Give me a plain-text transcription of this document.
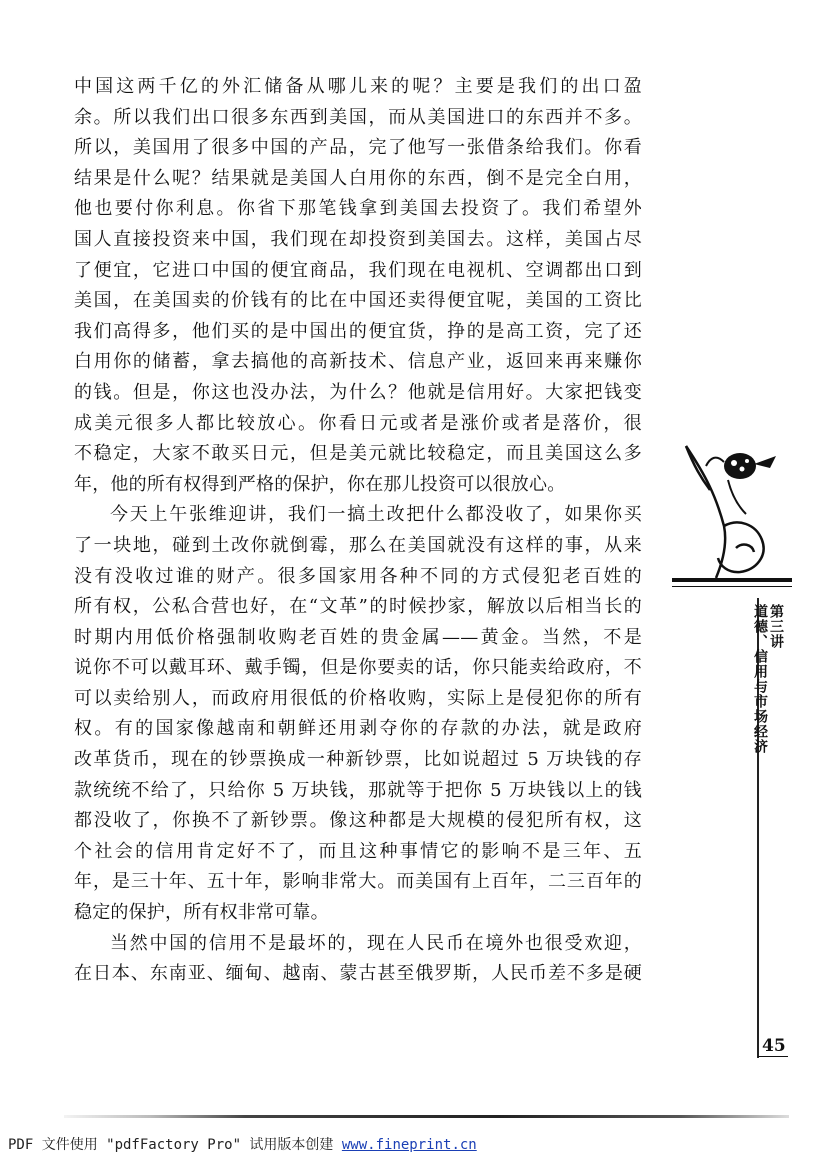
中国这两千亿的外汇储备从哪儿来的呢？主要是我们的出口盈
余。所以我们出口很多东西到美国，而从美国进口的东西并不多。
所以，美国用了很多中国的产品，完了他写一张借条给我们。你看
结果是什么呢？结果就是美国人白用你的东西，倒不是完全白用，
他也要付你利息。你省下那笔钱拿到美国去投资了。我们希望外
国人直接投资来中国，我们现在却投资到美国去。这样，美国占尽
了便宜，它进口中国的便宜商品，我们现在电视机、空调都出口到
美国，在美国卖的价钱有的比在中国还卖得便宜呢，美国的工资比
我们高得多，他们买的是中国出的便宜货，挣的是高工资，完了还
白用你的储蓄，拿去搞他的高新技术、信息产业，返回来再来赚你
的钱。但是，你这也没办法，为什么？他就是信用好。大家把钱变
成美元很多人都比较放心。你看日元或者是涨价或者是落价，很
不稳定，大家不敢买日元，但是美元就比较稳定，而且美国这么多
年，他的所有权得到严格的保护，你在那儿投资可以很放心。
今天上午张维迎讲，我们一搞土改把什么都没收了，如果你买
了一块地，碰到土改你就倒霉，那么在美国就没有这样的事，从来
没有没收过谁的财产。很多国家用各种不同的方式侵犯老百姓的
所有权，公私合营也好，在“文革”的时候抄家，解放以后相当长的
时期内用低价格强制收购老百姓的贵金属——黄金。当然，不是
说你不可以戴耳环、戴手镯，但是你要卖的话，你只能卖给政府，不
可以卖给别人，而政府用很低的价格收购，实际上是侵犯你的所有
权。有的国家像越南和朝鲜还用剥夺你的存款的办法，就是政府
改革货币，现在的钞票换成一种新钞票，比如说超过 5 万块钱的存
款统统不给了，只给你 5 万块钱，那就等于把你 5 万块钱以上的钱
都没收了，你换不了新钞票。像这种都是大规模的侵犯所有权，这
个社会的信用肯定好不了，而且这种事情它的影响不是三年、五
年，是三十年、五十年，影响非常大。而美国有上百年，二三百年的
稳定的保护，所有权非常可靠。
当然中国的信用不是最坏的，现在人民币在境外也很受欢迎，
在日本、东南亚、缅甸、越南、蒙古甚至俄罗斯，人民币差不多是硬
第三讲
道德、信用与市场经济
45
PDF 文件使用 "pdfFactory Pro" 试用版本创建 www.fineprint.cn
